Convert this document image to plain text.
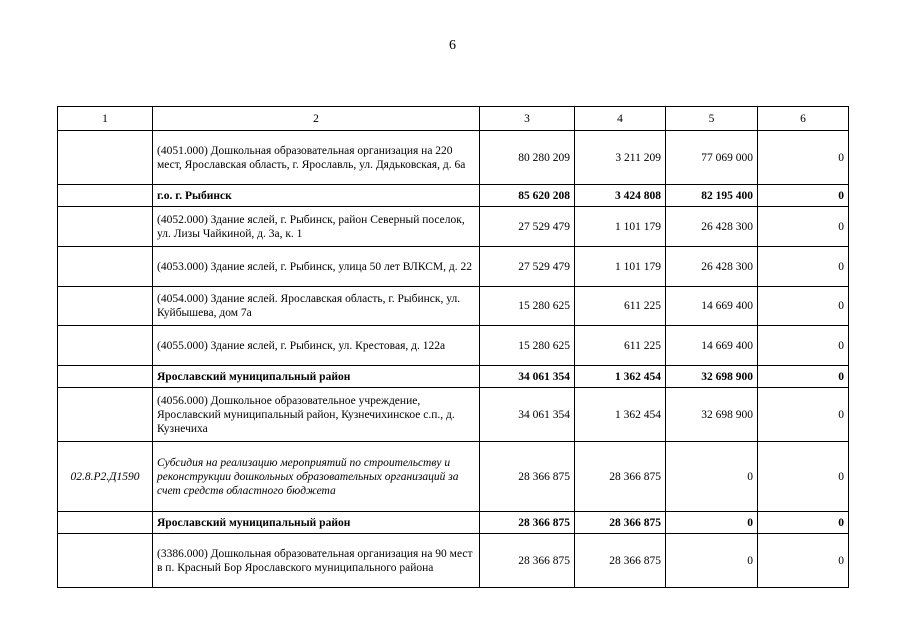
6
1	2	3	4	5	6
	(4051.000) Дошкольная образовательная организация на 220 мест, Ярославская область, г. Ярославль, ул. Дядьковская, д. 6а	80 280 209	3 211 209	77 069 000	0
	г.о. г. Рыбинск	85 620 208	3 424 808	82 195 400	0
	(4052.000) Здание яслей, г. Рыбинск, район Северный поселок, ул. Лизы Чайкиной, д. 3а, к. 1	27 529 479	1 101 179	26 428 300	0
	(4053.000) Здание яслей, г. Рыбинск, улица 50 лет ВЛКСМ, д. 22	27 529 479	1 101 179	26 428 300	0
	(4054.000) Здание яслей. Ярославская область, г. Рыбинск, ул. Куйбышева, дом 7а	15 280 625	611 225	14 669 400	0
	(4055.000) Здание яслей, г. Рыбинск, ул. Крестовая, д. 122а	15 280 625	611 225	14 669 400	0
	Ярославский муниципальный район	34 061 354	1 362 454	32 698 900	0
	(4056.000) Дошкольное образовательное учреждение, Ярославский муниципальный район, Кузнечихинское с.п., д. Кузнечиха	34 061 354	1 362 454	32 698 900	0
02.8.Р2.Д1590	Субсидия на реализацию мероприятий по строительству и реконструкции дошкольных образовательных организаций за счет средств областного бюджета	28 366 875	28 366 875	0	0
	Ярославский муниципальный район	28 366 875	28 366 875	0	0
	(3386.000) Дошкольная образовательная организация на 90 мест в п. Красный Бор Ярославского муниципального района	28 366 875	28 366 875	0	0
